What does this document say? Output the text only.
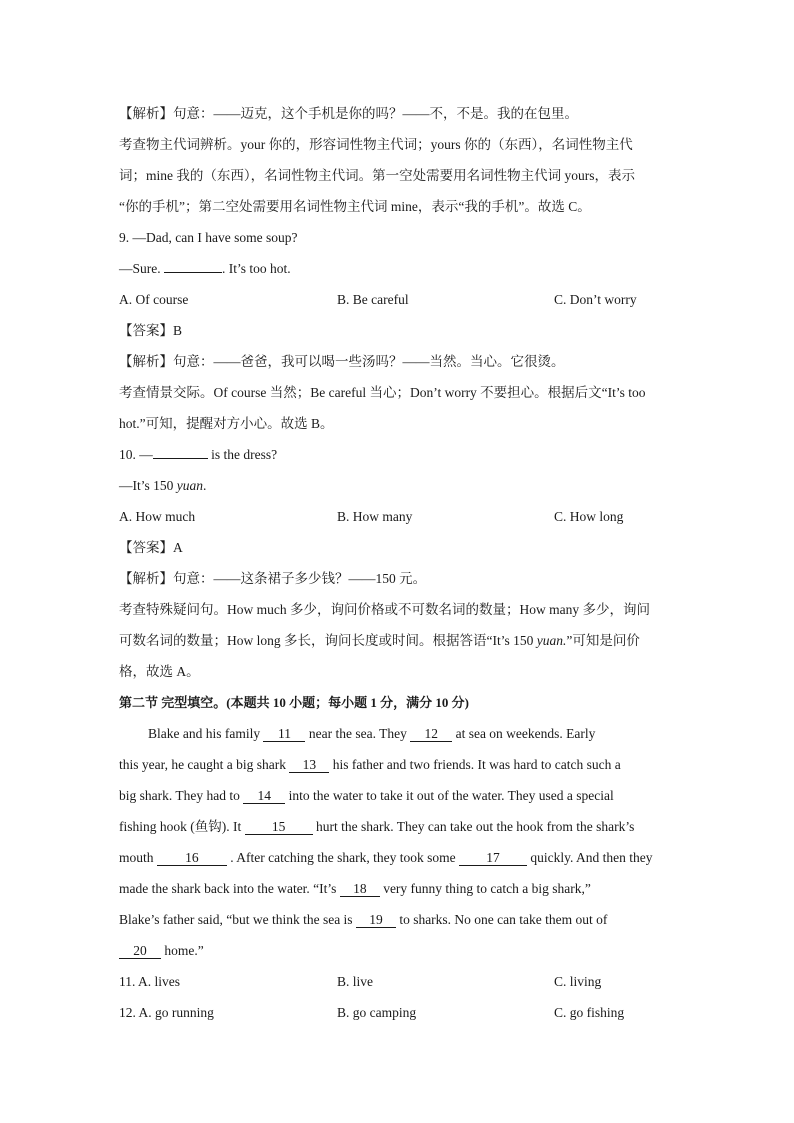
【解析】句意：——迈克，这个手机是你的吗？——不，不是。我的在包里。
考查物主代词辨析。your 你的，形容词性物主代词；yours 你的（东西），名词性物主代
词；mine 我的（东西），名词性物主代词。第一空处需要用名词性物主代词 yours，表示
“你的手机”；第二空处需要用名词性物主代词 mine，表示“我的手机”。故选 C。
9. —Dad, can I have some soup?
—Sure.	. It’s too hot.
A. Of course	B. Be careful	C. Don’t worry
【答案】B
【解析】句意：——爸爸，我可以喝一些汤吗？——当然。当心。它很烫。
考查情景交际。Of course 当然；Be careful 当心；Don’t worry 不要担心。根据后文“It’s too
hot.”可知，提醒对方小心。故选 B。
10. —	is the dress?
—It’s 150 yuan.
A. How much	B. How many	C. How long
【答案】A
【解析】句意：——这条裙子多少钱？——150 元。
考查特殊疑问句。How much 多少，询问价格或不可数名词的数量；How many 多少，询问
可数名词的数量；How long 多长，询问长度或时间。根据答语“It’s 150 yuan.”可知是问价
格，故选 A。
第二节 完型填空。(本题共 10 小题；每小题 1 分，满分 10 分)
Blake and his family 11 near the sea. They 12 at sea on weekends. Early
this year, he caught a big shark 13 his father and two friends. It was hard to catch such a
big shark. They had to 14 into the water to take it out of the water. They used a special
fishing hook (鱼钩). It 15 hurt the shark. They can take out the hook from the shark’s
mouth 16 . After catching the shark, they took some 17 quickly. And then they
made the shark back into the water. “It’s 18 very funny thing to catch a big shark,”
Blake’s father said, “but we think the sea is 19 to sharks. No one can take them out of
20 home.”
11. A. lives	B. live	C. living
12. A. go running	B. go camping	C. go fishing
